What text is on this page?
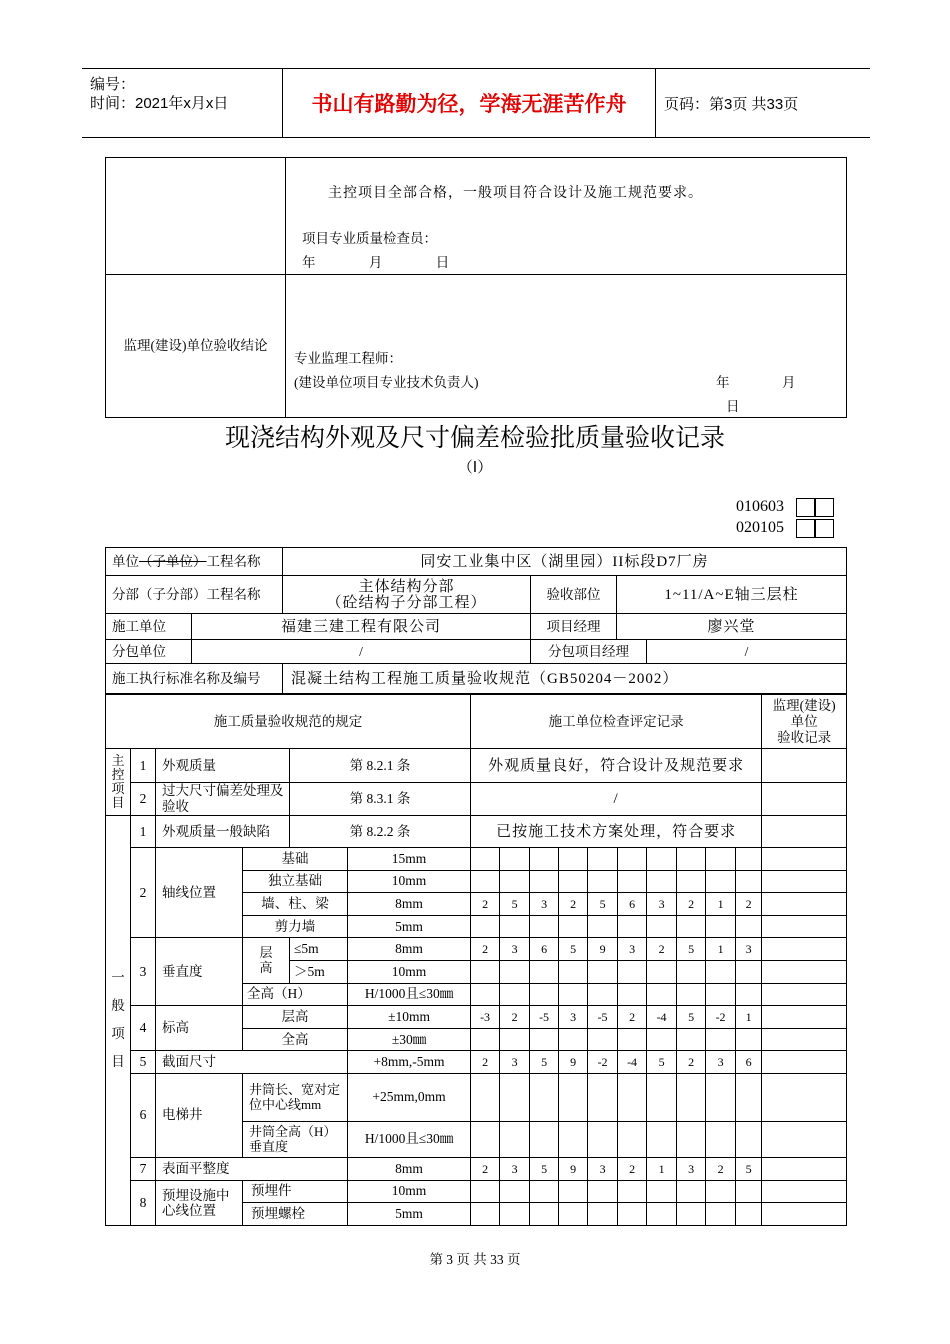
编号：
时间：2021年x月x日	书山有路勤为径，学海无涯苦作舟	页码：第3页 共33页

	主控项目全部合格，一般项目符合设计及施工规范要求。
项目专业质量检查员：
年 月 日

监理(建设)单位验收结论	专业监理工程师：
(建设单位项目专业技术负责人) 年 月
日
现浇结构外观及尺寸偏差检验批质量验收记录
（Ⅰ）
010603
020105
单位（子单位）工程名称		同安工业集中区（湖里园）II标段D7厂房			
分部（子分部）工程名称		主体结构分部
（砼结构子分部工程）	验收部位	1~11/A~E轴三层柱	
施工单位	福建三建工程有限公司		项目经理	廖兴堂	
分包单位	/		分包项目经理		/
施工执行标准名称及编号		混凝土结构工程施工质量验收规范（GB50204－2002）			
施工质量验收规范的规定						施工单位检查评定记录										监理(建设)
单位
验收记录

主
控
项
目	1	外观质量		第 8.2.1 条		外观质量良好，符合设计及规范要求										
	2	过大尺寸偏差处理及验收		第 8.3.1 条		/										

一
般
项
目	1	外观质量一般缺陷		第 8.2.2 条		已按施工技术方案处理，符合要求										
	2	轴线位置	基础		15mm											
			独立基础		10mm											
			墙、柱、梁		8mm	2	5	3	2	5	6	3	2	1	2	
			剪力墙		5mm											
	3	垂直度	层高	≤5m	8mm	2	3	6	5	9	3	2	5	1	3	
				＞5m	10mm											
			全高（H）		H/1000且≤30㎜											
	4	标高	层高		±10mm	-3	2	-5	3	-5	2	-4	5	-2	1	
			全高		±30㎜											
	5	截面尺寸			+8mm,-5mm	2	3	5	9	-2	-4	5	2	3	6	
	6	电梯井	井筒长、宽对定位中心线mm		+25mm,0mm											
			井筒全高（H）垂直度		H/1000且≤30㎜											
	7	表面平整度			8mm	2	3	5	9	3	2	1	3	2	5	
	8	预埋设施中心线位置	预埋件		10mm											
			预埋螺栓		5mm											
第 3 页 共 33 页
